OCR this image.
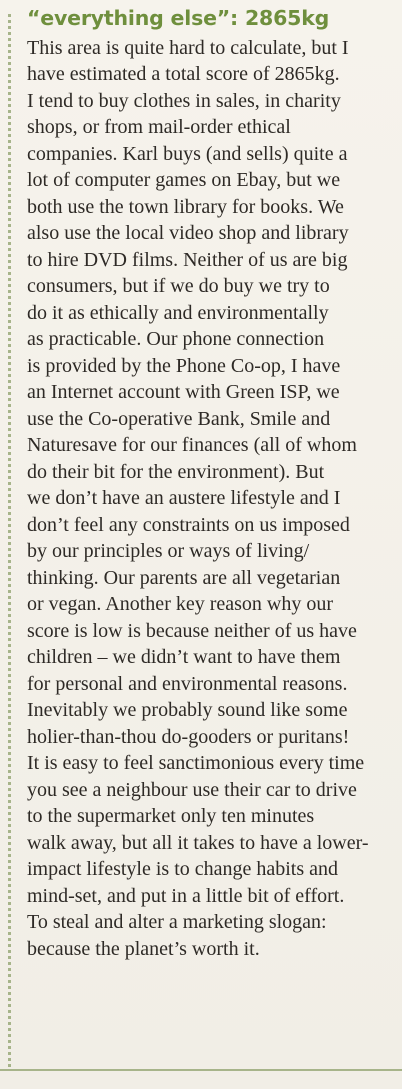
“everything else”: 2865kg
This area is quite hard to calculate, but I
have estimated a total score of 2865kg.
I tend to buy clothes in sales, in charity
shops, or from mail-order ethical
companies. Karl buys (and sells) quite a
lot of computer games on Ebay, but we
both use the town library for books. We
also use the local video shop and library
to hire DVD films. Neither of us are big
consumers, but if we do buy we try to
do it as ethically and environmentally
as practicable. Our phone connection
is provided by the Phone Co-op, I have
an Internet account with Green ISP, we
use the Co-operative Bank, Smile and
Naturesave for our finances (all of whom
do their bit for the environment). But
we don’t have an austere lifestyle and I
don’t feel any constraints on us imposed
by our principles or ways of living/
thinking. Our parents are all vegetarian
or vegan. Another key reason why our
score is low is because neither of us have
children – we didn’t want to have them
for personal and environmental reasons.
Inevitably we probably sound like some
holier-than-thou do-gooders or puritans!
It is easy to feel sanctimonious every time
you see a neighbour use their car to drive
to the supermarket only ten minutes
walk away, but all it takes to have a lower-
impact lifestyle is to change habits and
mind-set, and put in a little bit of effort.
To steal and alter a marketing slogan:
because the planet’s worth it.
